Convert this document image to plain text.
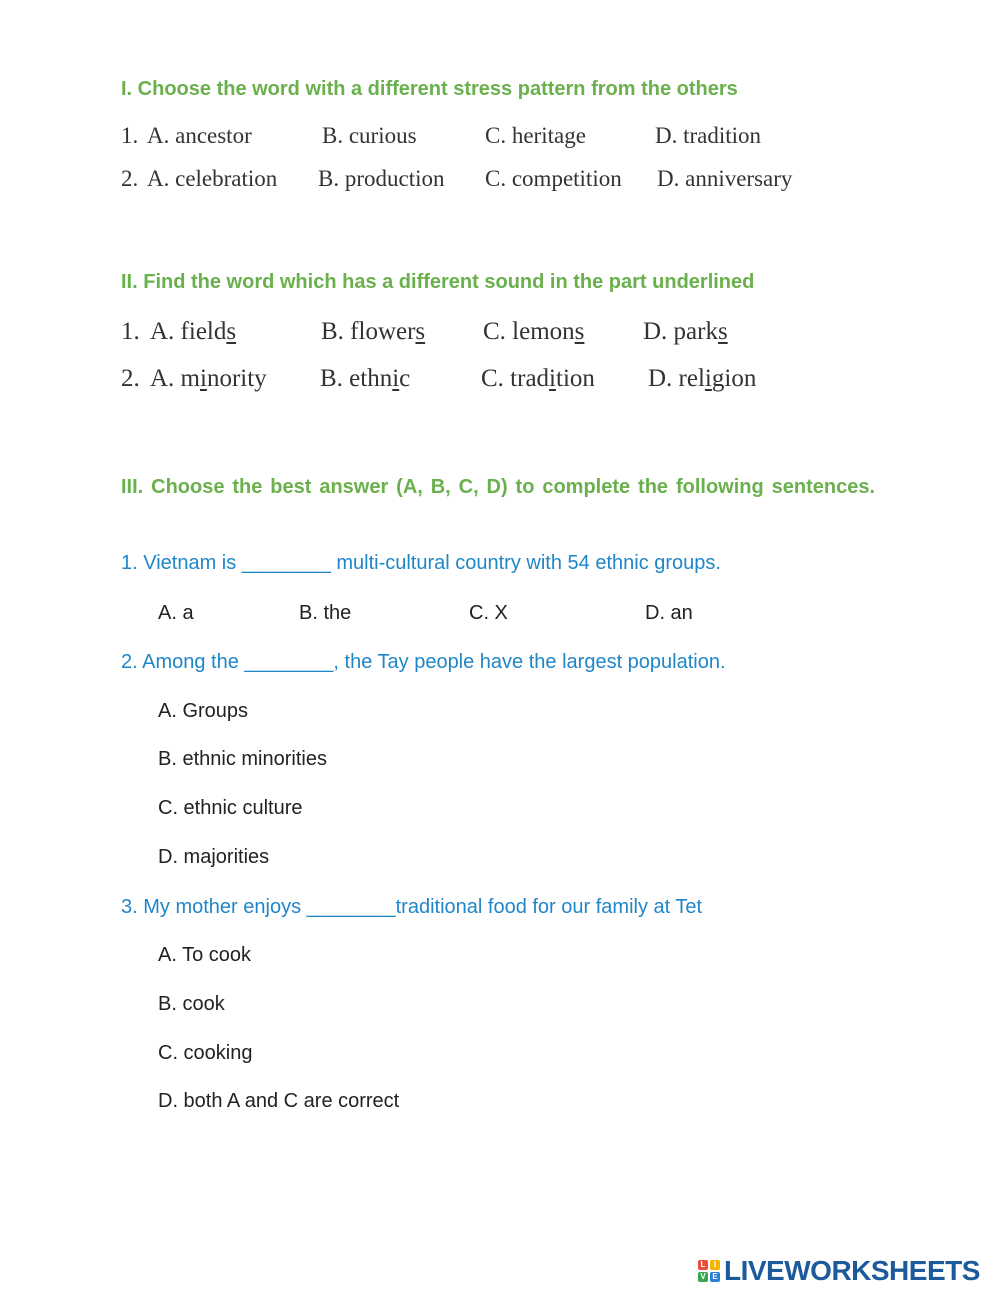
I. Choose the word with a different stress pattern from the others
1. A. ancestor	B. curious	C. heritage	D. tradition
2. A. celebration B. production C. competition D. anniversary
II. Find the word which has a different sound in the part underlined
1. A. fields	B. flowers C. lemons D. parks
2. A. minority B. ethnic	C. tradition D. religion
III. Choose the best answer (A, B, C, D) to complete the following sentences.
1. Vietnam is ________ multi-cultural country with 54 ethnic groups.
A. a	B. the	C. X	D. an
2. Among the ________, the Tay people have the largest population.
A. Groups
B. ethnic minorities
C. ethnic culture
D. majorities
3. My mother enjoys ________traditional food for our family at Tet
A. To cook
B. cook
C. cooking
D. both A and C are correct
L	I
V E LIVEWORKSHEETS
